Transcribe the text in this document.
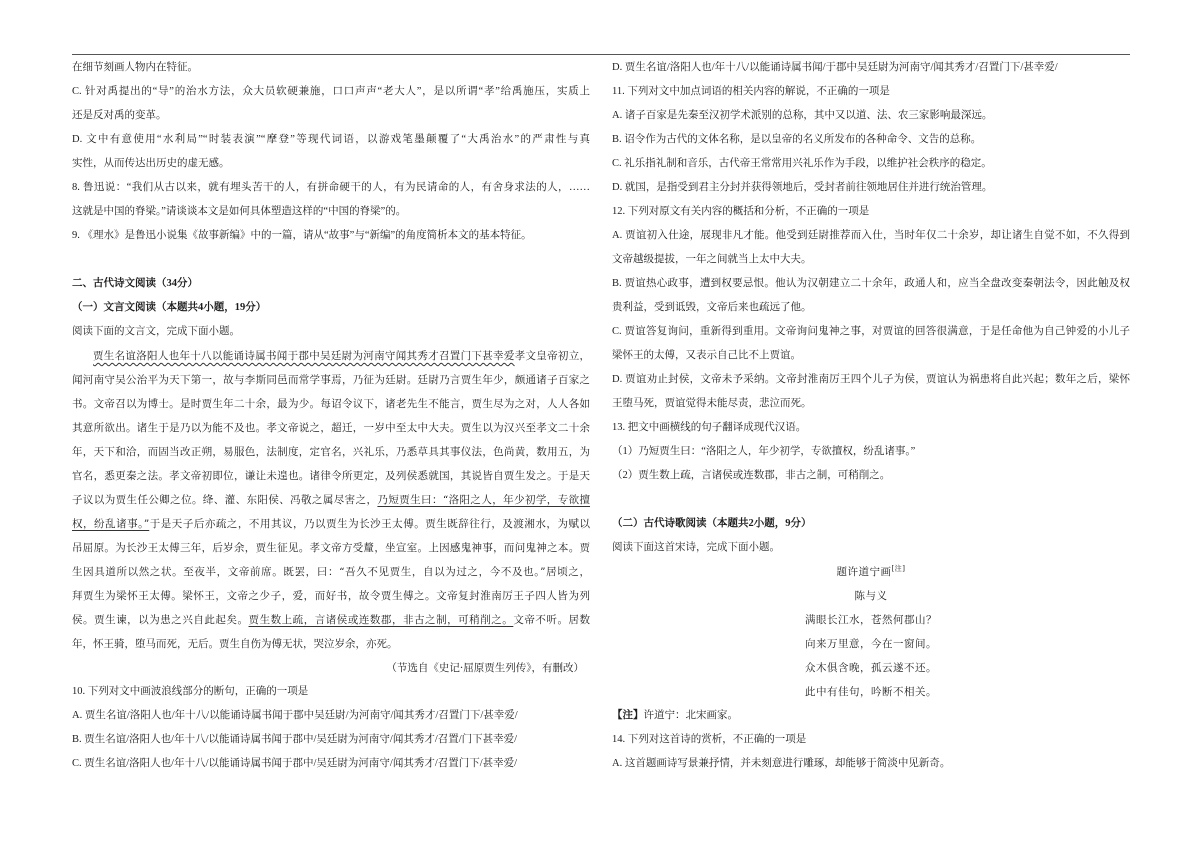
在细节刻画人物内在特征。
C. 针对禹提出的“导”的治水方法，众大员软硬兼施，口口声声“老大人”，是以所谓“孝”给禹施压，实质上
还是反对禹的变革。
D. 文中有意使用“水利局”“时装表演”“摩登”等现代词语，以游戏笔墨颠覆了“大禹治水”的严肃性与真
实性，从而传达出历史的虚无感。
8. 鲁迅说：“我们从古以来，就有埋头苦干的人，有拼命硬干的人，有为民请命的人，有舍身求法的人，……
这就是中国的脊梁。”请谈谈本文是如何具体塑造这样的“中国的脊梁”的。
9. 《理水》是鲁迅小说集《故事新编》中的一篇，请从“故事”与“新编”的角度简析本文的基本特征。
二、古代诗文阅读（34分）
（一）文言文阅读（本题共4小题，19分）
阅读下面的文言文，完成下面小题。
贾生名谊洛阳人也年十八以能诵诗属书闻于郡中吴廷尉为河南守闻其秀才召置门下甚幸爱孝文皇帝初立，
闻河南守吴公治平为天下第一，故与李斯同邑而常学事焉，乃征为廷尉。廷尉乃言贾生年少，颇通诸子百家之
书。文帝召以为博士。是时贾生年二十余，最为少。每诏令议下，诸老先生不能言，贾生尽为之对，人人各如
其意所欲出。诸生于是乃以为能不及也。孝文帝说之，超迁，一岁中至太中大夫。贾生以为汉兴至孝文二十余
年，天下和洽，而固当改正朔，易服色，法制度，定官名，兴礼乐，乃悉草具其事仪法，色尚黄，数用五，为
官名，悉更秦之法。孝文帝初即位，谦让未遑也。诸律令所更定，及列侯悉就国，其说皆自贾生发之。于是天
子议以为贾生任公卿之位。绛、灌、东阳侯、冯敬之属尽害之，乃短贾生曰：“洛阳之人，年少初学，专欲擅
权，纷乱诸事。”于是天子后亦疏之，不用其议，乃以贾生为长沙王太傅。贾生既辞往行，及渡湘水，为赋以
吊屈原。为长沙王太傅三年，后岁余，贾生征见。孝文帝方受釐，坐宣室。上因感鬼神事，而问鬼神之本。贾
生因具道所以然之状。至夜半，文帝前席。既罢，曰：“吾久不见贾生，自以为过之，今不及也。”居顷之，
拜贾生为梁怀王太傅。梁怀王，文帝之少子，爱，而好书，故令贾生傅之。文帝复封淮南厉王子四人皆为列
侯。贾生谏，以为患之兴自此起矣。贾生数上疏，言诸侯或连数郡，非古之制，可稍削之。文帝不听。居数
年，怀王骑，堕马而死，无后。贾生自伤为傅无状，哭泣岁余，亦死。
（节选自《史记·屈原贾生列传》，有删改）
10. 下列对文中画波浪线部分的断句，正确的一项是
A. 贾生名谊/洛阳人也/年十八/以能诵诗属书闻于郡中吴廷尉/为河南守/闻其秀才/召置门下/甚幸爱/
B. 贾生名谊/洛阳人也/年十八/以能诵诗属书闻于郡中/吴廷尉为河南守/闻其秀才/召置/门下甚幸爱/
C. 贾生名谊/洛阳人也/年十八/以能诵诗属书闻于郡中/吴廷尉为河南守/闻其秀才/召置门下/甚幸爱/
D. 贾生名谊/洛阳人也/年十八/以能诵诗属书闻/于郡中吴廷尉为河南守/闻其秀才/召置门下/甚幸爱/
11. 下列对文中加点词语的相关内容的解说，不正确的一项是
A. 诸子百家是先秦至汉初学术派别的总称，其中又以道、法、农三家影响最深远。
B. 诏令作为古代的文体名称，是以皇帝的名义所发布的各种命令、文告的总称。
C. 礼乐指礼制和音乐，古代帝王常常用兴礼乐作为手段，以维护社会秩序的稳定。
D. 就国，是指受到君主分封并获得领地后，受封者前往领地居住并进行统治管理。
12. 下列对原文有关内容的概括和分析，不正确的一项是
A. 贾谊初入仕途，展现非凡才能。他受到廷尉推荐而入仕，当时年仅二十余岁，却让诸生自觉不如，不久得到
文帝越级提拔，一年之间就当上太中大夫。
B. 贾谊热心政事，遭到权要忌恨。他认为汉朝建立二十余年，政通人和，应当全盘改变秦朝法令，因此触及权
贵利益，受到诋毁，文帝后来也疏远了他。
C. 贾谊答复询问，重新得到重用。文帝询问鬼神之事，对贾谊的回答很满意，于是任命他为自己钟爱的小儿子
梁怀王的太傅，又表示自己比不上贾谊。
D. 贾谊劝止封侯，文帝未予采纳。文帝封淮南厉王四个儿子为侯，贾谊认为祸患将自此兴起；数年之后，梁怀
王堕马死，贾谊觉得未能尽责，悲泣而死。
13. 把文中画横线的句子翻译成现代汉语。
（1）乃短贾生曰：“洛阳之人，年少初学，专欲擅权，纷乱诸事。”
（2）贾生数上疏，言诸侯或连数郡，非古之制，可稍削之。
（二）古代诗歌阅读（本题共2小题，9分）
阅读下面这首宋诗，完成下面小题。
题许道宁画[注]
陈与义
满眼长江水，苍然何郡山？
向来万里意，今在一窗间。
众木俱含晚，孤云遂不还。
此中有佳句，吟断不相关。
【注】许道宁：北宋画家。
14. 下列对这首诗的赏析，不正确的一项是
A. 这首题画诗写景兼抒情，并未刻意进行雕琢，却能够于简淡中见新奇。
